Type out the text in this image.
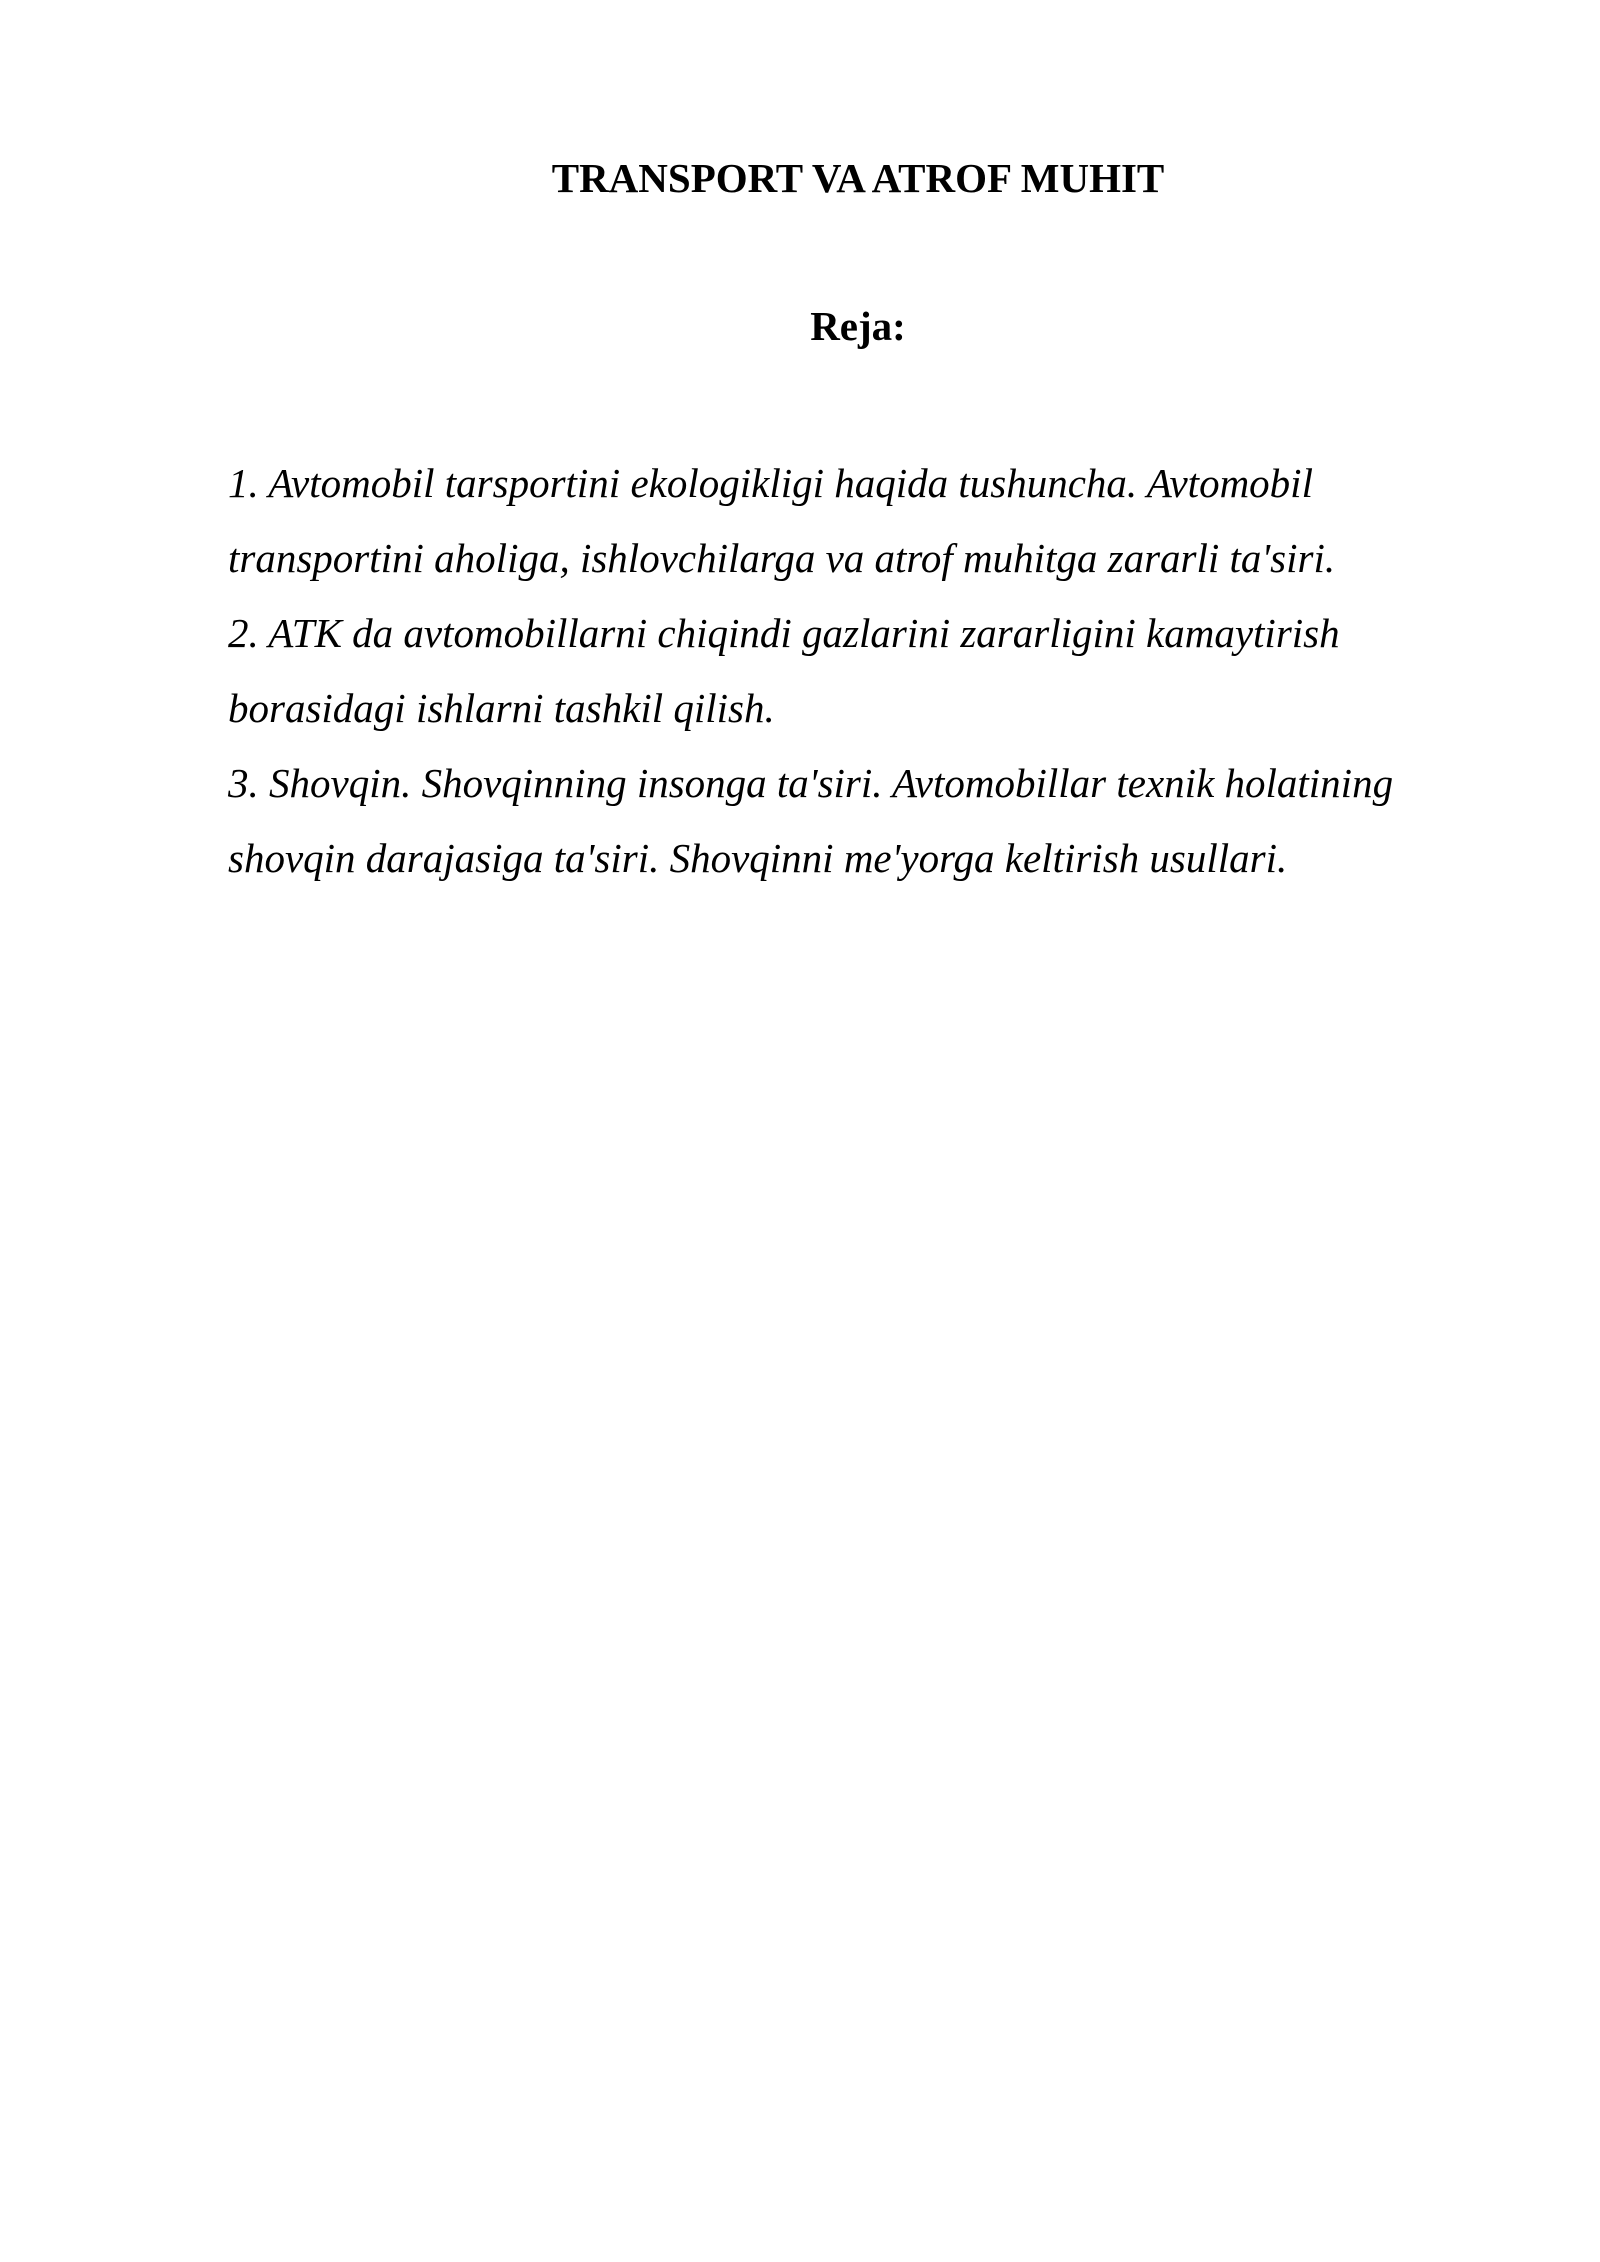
TRANSPORT VA ATROF MUHIT
Reja:
1. Avtomobil tarsportini ekologikligi haqida tushuncha. Avtomobil transportini aholiga, ishlovchilarga va atrof muhitga zararli ta'siri.
2. ATK da avtomobillarni chiqindi gazlarini zararligini kamaytirish borasidagi ishlarni tashkil qilish.
3. Shovqin. Shovqinning insonga ta'siri. Avtomobillar texnik holatining shovqin darajasiga ta'siri. Shovqinni me'yorga keltirish usullari.
